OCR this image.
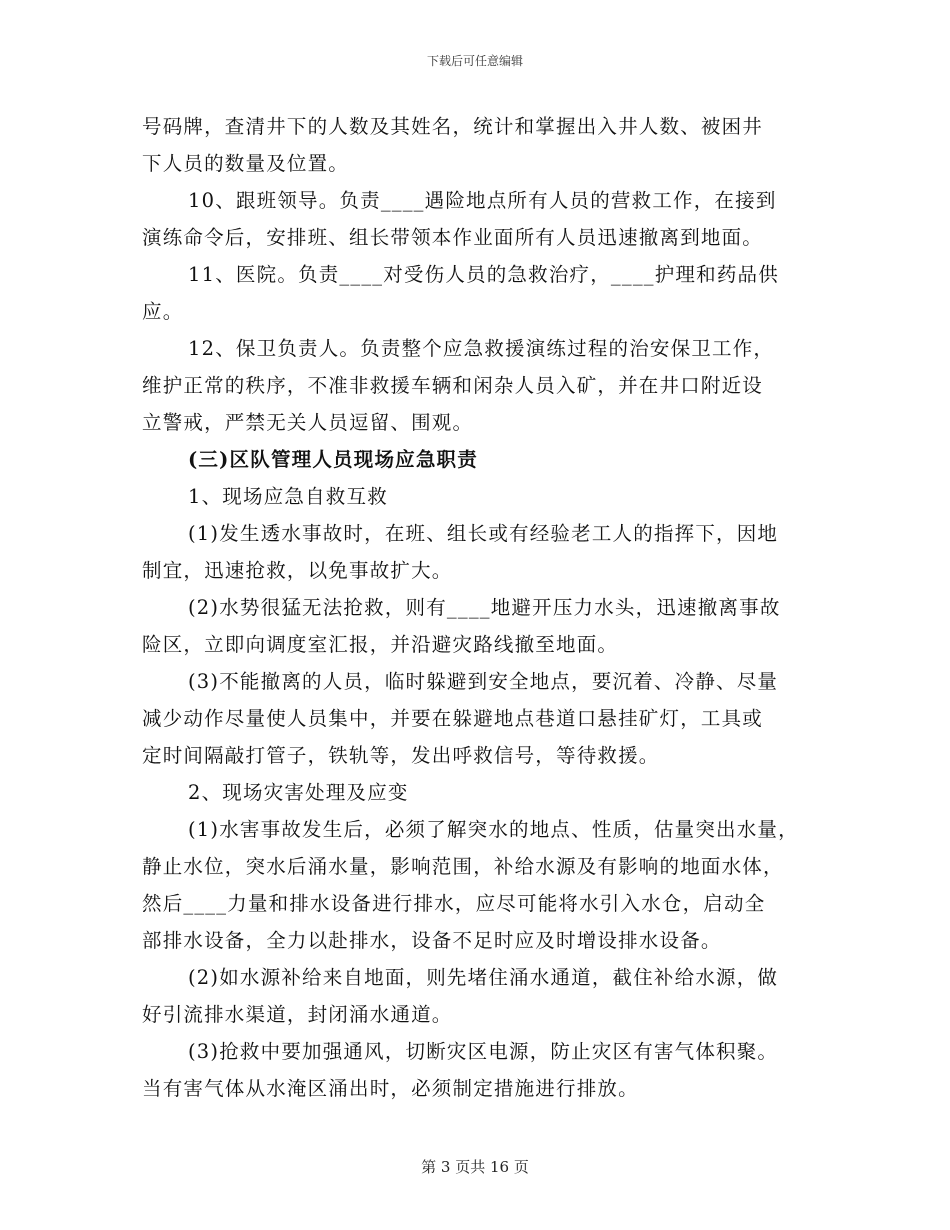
下载后可任意编辑
号码牌，查清井下的人数及其姓名，统计和掌握出入井人数、被困井
下人员的数量及位置。
10、跟班领导。负责____遇险地点所有人员的营救工作，在接到
演练命令后，安排班、组长带领本作业面所有人员迅速撤离到地面。
11、医院。负责____对受伤人员的急救治疗，____护理和药品供
应。
12、保卫负责人。负责整个应急救援演练过程的治安保卫工作，
维护正常的秩序，不准非救援车辆和闲杂人员入矿，并在井口附近设
立警戒，严禁无关人员逗留、围观。
(三)区队管理人员现场应急职责
1、现场应急自救互救
(1)发生透水事故时，在班、组长或有经验老工人的指挥下，因地
制宜，迅速抢救，以免事故扩大。
(2)水势很猛无法抢救，则有____地避开压力水头，迅速撤离事故
险区，立即向调度室汇报，并沿避灾路线撤至地面。
(3)不能撤离的人员，临时躲避到安全地点，要沉着、冷静、尽量
减少动作尽量使人员集中，并要在躲避地点巷道口悬挂矿灯，工具或
定时间隔敲打管子，铁轨等，发出呼救信号，等待救援。
2、现场灾害处理及应变
(1)水害事故发生后，必须了解突水的地点、性质，估量突出水量，
静止水位，突水后涌水量，影响范围，补给水源及有影响的地面水体，
然后____力量和排水设备进行排水，应尽可能将水引入水仓，启动全
部排水设备，全力以赴排水，设备不足时应及时增设排水设备。
(2)如水源补给来自地面，则先堵住涌水通道，截住补给水源，做
好引流排水渠道，封闭涌水通道。
(3)抢救中要加强通风，切断灾区电源，防止灾区有害气体积聚。
当有害气体从水淹区涌出时，必须制定措施进行排放。
第 3 页共 16 页
